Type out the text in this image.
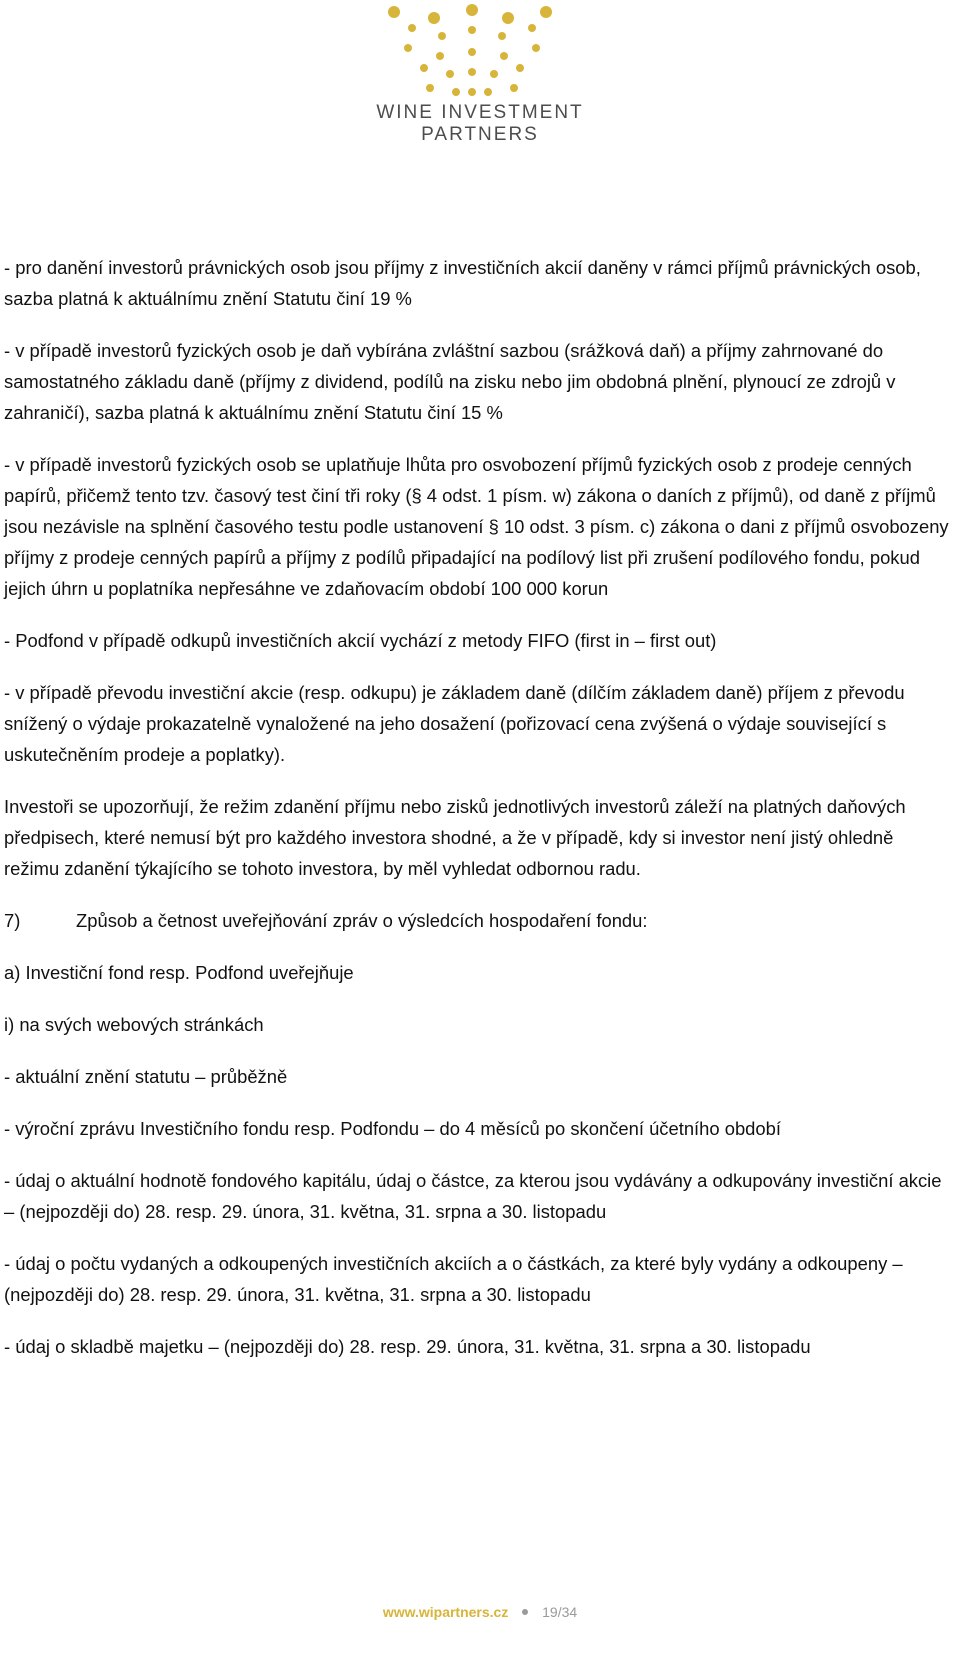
WINE INVESTMENT
PARTNERS

- pro danění investorů právnických osob jsou příjmy z investičních akcií daněny v rámci příjmů právnických osob, sazba platná k aktuálnímu znění Statutu činí 19 %

- v případě investorů fyzických osob je daň vybírána zvláštní sazbou (srážková daň) a příjmy zahrnované do samostatného základu daně (příjmy z dividend, podílů na zisku nebo jim obdobná plnění, plynoucí ze zdrojů v zahraničí), sazba platná k aktuálnímu znění Statutu činí 15 %

- v případě investorů fyzických osob se uplatňuje lhůta pro osvobození příjmů fyzických osob z prodeje cenných papírů, přičemž tento tzv. časový test činí tři roky (§ 4 odst. 1 písm. w) zákona o daních z příjmů), od daně z příjmů jsou nezávisle na splnění časového testu podle ustanovení § 10 odst. 3 písm. c) zákona o dani z příjmů osvobozeny příjmy z prodeje cenných papírů a příjmy z podílů připadající na podílový list při zrušení podílového fondu, pokud jejich úhrn u poplatníka nepřesáhne ve zdaňovacím období 100 000 korun

- Podfond v případě odkupů investičních akcií vychází z metody FIFO (first in – first out)

- v případě převodu investiční akcie (resp. odkupu) je základem daně (dílčím základem daně) příjem z převodu snížený o výdaje prokazatelně vynaložené na jeho dosažení (pořizovací cena zvýšená o výdaje související s uskutečněním prodeje a poplatky).

Investoři se upozorňují, že režim zdanění příjmu nebo zisků jednotlivých investorů záleží na platných daňových předpisech, které nemusí být pro každého investora shodné, a že v případě, kdy si investor není jistý ohledně režimu zdanění týkajícího se tohoto investora, by měl vyhledat odbornou radu.

7)	Způsob a četnost uveřejňování zpráv o výsledcích hospodaření fondu:

a) Investiční fond resp. Podfond uveřejňuje

i) na svých webových stránkách

- aktuální znění statutu – průběžně

- výroční zprávu Investičního fondu resp. Podfondu – do 4 měsíců po skončení účetního období

- údaj o aktuální hodnotě fondového kapitálu, údaj o částce, za kterou jsou vydávány a odkupovány investiční akcie – (nejpozději do) 28. resp. 29. února, 31. května, 31. srpna a 30. listopadu

- údaj o počtu vydaných a odkoupených investičních akciích a o částkách, za které byly vydány a odkoupeny – (nejpozději do) 28. resp. 29. února, 31. května, 31. srpna a 30. listopadu

- údaj o skladbě majetku – (nejpozději do) 28. resp. 29. února, 31. května, 31. srpna a 30. listopadu

www.wipartners.cz 19/34
